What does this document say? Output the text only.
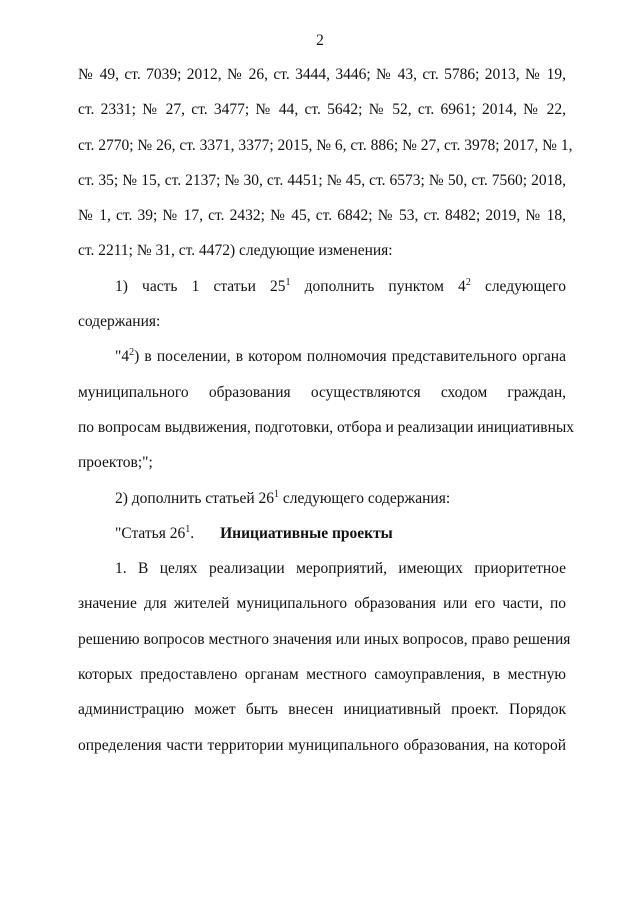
2
№ 49, ст. 7039; 2012, № 26, ст. 3444, 3446; № 43, ст. 5786; 2013, № 19,
ст. 2331; № 27, ст. 3477; № 44, ст. 5642; № 52, ст. 6961; 2014, № 22,
ст. 2770; № 26, ст. 3371, 3377; 2015, № 6, ст. 886; № 27, ст. 3978; 2017, № 1,
ст. 35; № 15, ст. 2137; № 30, ст. 4451; № 45, ст. 6573; № 50, ст. 7560; 2018,
№ 1, ст. 39; № 17, ст. 2432; № 45, ст. 6842; № 53, ст. 8482; 2019, № 18,
ст. 2211; № 31, ст. 4472) следующие изменения:
1) часть 1 статьи $25^1$ дополнить пунктом $4^2$ следующего
содержания:
"$4^2$) в поселении, в котором полномочия представительного органа
муниципального образования осуществляются сходом граждан,
по вопросам выдвижения, подготовки, отбора и реализации инициативных
проектов;";
2) дополнить статьей $26^1$ следующего содержания:
"Статья $26^1$. Инициативные проекты
1. В целях реализации мероприятий, имеющих приоритетное
значение для жителей муниципального образования или его части, по
решению вопросов местного значения или иных вопросов, право решения
которых предоставлено органам местного самоуправления, в местную
администрацию может быть внесен инициативный проект. Порядок
определения части территории муниципального образования, на которой
